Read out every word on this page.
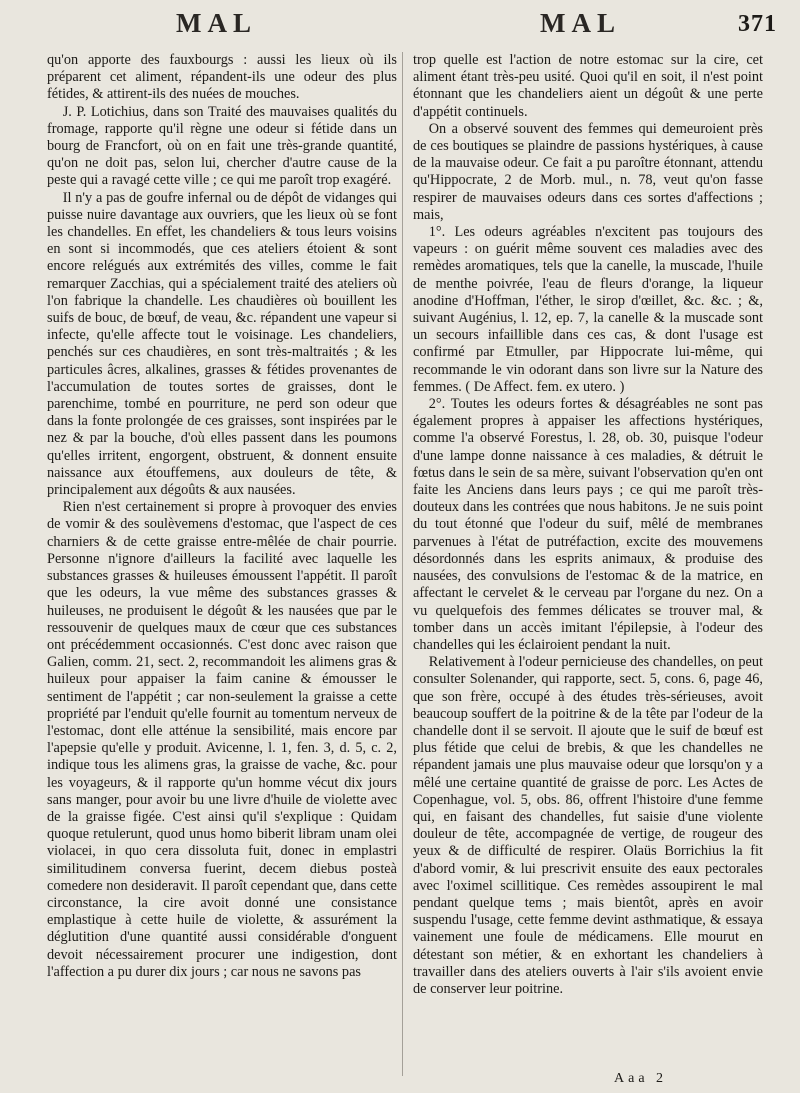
MAL	MAL	371

qu'on apporte des fauxbourgs : aussi les lieux où ils préparent cet aliment, répandent-ils une odeur des plus fétides, & attirent-ils des nuées de mouches.

J. P. Lotichius, dans son Traité des mauvaises qualités du fromage, rapporte qu'il règne une odeur si fétide dans un bourg de Francfort, où on en fait une très-grande quantité, qu'on ne doit pas, selon lui, chercher d'autre cause de la peste qui a ravagé cette ville ; ce qui me paroît trop exagéré.

Il n'y a pas de goufre infernal ou de dépôt de vidanges qui puisse nuire davantage aux ouvriers, que les lieux où se font les chandelles. En effet, les chandeliers & tous leurs voisins en sont si incommodés, que ces ateliers étoient & sont encore relégués aux extrémités des villes, comme le fait remarquer Zacchias, qui a spécialement traité des ateliers où l'on fabrique la chandelle. Les chaudières où bouillent les suifs de bouc, de bœuf, de veau, &c. répandent une vapeur si infecte, qu'elle affecte tout le voisinage. Les chandeliers, penchés sur ces chaudières, en sont très-maltraités ; & les particules âcres, alkalines, grasses & fétides provenantes de l'accumulation de toutes sortes de graisses, dont le parenchime, tombé en pourriture, ne perd son odeur que dans la fonte prolongée de ces graisses, sont inspirées par le nez & par la bouche, d'où elles passent dans les poumons qu'elles irritent, engorgent, obstruent, & donnent ensuite naissance aux étouffemens, aux douleurs de tête, & principalement aux dégoûts & aux nausées.

Rien n'est certainement si propre à provoquer des envies de vomir & des soulèvemens d'estomac, que l'aspect de ces charniers & de cette graisse entre-mêlée de chair pourrie. Personne n'ignore d'ailleurs la facilité avec laquelle les substances grasses & huileuses émoussent l'appétit. Il paroît que les odeurs, la vue même des substances grasses & huileuses, ne produisent le dégoût & les nausées que par le ressouvenir de quelques maux de cœur que ces substances ont précédemment occasionnés. C'est donc avec raison que Galien, comm. 21, sect. 2, recommandoit les alimens gras & huileux pour appaiser la faim canine & émousser le sentiment de l'appétit ; car non-seulement la graisse a cette propriété par l'enduit qu'elle fournit au tomentum nerveux de l'estomac, dont elle atténue la sensibilité, mais encore par l'apepsie qu'elle y produit. Avicenne, l. 1, fen. 3, d. 5, c. 2, indique tous les alimens gras, la graisse de vache, &c. pour les voyageurs, & il rapporte qu'un homme vécut dix jours sans manger, pour avoir bu une livre d'huile de violette avec de la graisse figée. C'est ainsi qu'il s'explique : Quidam quoque retulerunt, quod unus homo biberit libram unam olei violacei, in quo cera dissoluta fuit, donec in emplastri similitudinem conversa fuerint, decem diebus posteà comedere non desideravit. Il paroît cependant que, dans cette circonstance, la cire avoit donné une consistance emplastique à cette huile de violette, & assurément la déglutition d'une quantité aussi considérable d'onguent devoit nécessairement procurer une indigestion, dont l'affection a pu durer dix jours ; car nous ne savons pas

trop quelle est l'action de notre estomac sur la cire, cet aliment étant très-peu usité. Quoi qu'il en soit, il n'est point étonnant que les chandeliers aient un dégoût & une perte d'appétit continuels.

On a observé souvent des femmes qui demeuroient près de ces boutiques se plaindre de passions hystériques, à cause de la mauvaise odeur. Ce fait a pu paroître étonnant, attendu qu'Hippocrate, 2 de Morb. mul., n. 78, veut qu'on fasse respirer de mauvaises odeurs dans ces sortes d'affections ; mais,

1°. Les odeurs agréables n'excitent pas toujours des vapeurs : on guérit même souvent ces maladies avec des remèdes aromatiques, tels que la canelle, la muscade, l'huile de menthe poivrée, l'eau de fleurs d'orange, la liqueur anodine d'Hoffman, l'éther, le sirop d'œillet, &c. &c. ; &, suivant Augénius, l. 12, ep. 7, la canelle & la muscade sont un secours infaillible dans ces cas, & dont l'usage est confirmé par Etmuller, par Hippocrate lui-même, qui recommande le vin odorant dans son livre sur la Nature des femmes. ( De Affect. fem. ex utero. )

2°. Toutes les odeurs fortes & désagréables ne sont pas également propres à appaiser les affections hystériques, comme l'a observé Forestus, l. 28, ob. 30, puisque l'odeur d'une lampe donne naissance à ces maladies, & détruit le fœtus dans le sein de sa mère, suivant l'observation qu'en ont faite les Anciens dans leurs pays ; ce qui me paroît très-douteux dans les contrées que nous habitons. Je ne suis point du tout étonné que l'odeur du suif, mêlé de membranes parvenues à l'état de putréfaction, excite des mouvemens désordonnés dans les esprits animaux, & produise des nausées, des convulsions de l'estomac & de la matrice, en affectant le cervelet & le cerveau par l'organe du nez. On a vu quelquefois des femmes délicates se trouver mal, & tomber dans un accès imitant l'épilepsie, à l'odeur des chandelles qui les éclairoient pendant la nuit.

Relativement à l'odeur pernicieuse des chandelles, on peut consulter Solenander, qui rapporte, sect. 5, cons. 6, page 46, que son frère, occupé à des études très-sérieuses, avoit beaucoup souffert de la poitrine & de la tête par l'odeur de la chandelle dont il se servoit. Il ajoute que le suif de bœuf est plus fétide que celui de brebis, & que les chandelles ne répandent jamais une plus mauvaise odeur que lorsqu'on y a mêlé une certaine quantité de graisse de porc. Les Actes de Copenhague, vol. 5, obs. 86, offrent l'histoire d'une femme qui, en faisant des chandelles, fut saisie d'une violente douleur de tête, accompagnée de vertige, de rougeur des yeux & de difficulté de respirer. Olaüs Borrichius la fit d'abord vomir, & lui prescrivit ensuite des eaux pectorales avec l'oximel scillitique. Ces remèdes assoupirent le mal pendant quelque tems ; mais bientôt, après en avoir suspendu l'usage, cette femme devint asthmatique, & essaya vainement une foule de médicamens. Elle mourut en détestant son métier, & en exhortant les chandeliers à travailler dans des ateliers ouverts à l'air s'ils avoient envie de conserver leur poitrine.

Aaa 2
